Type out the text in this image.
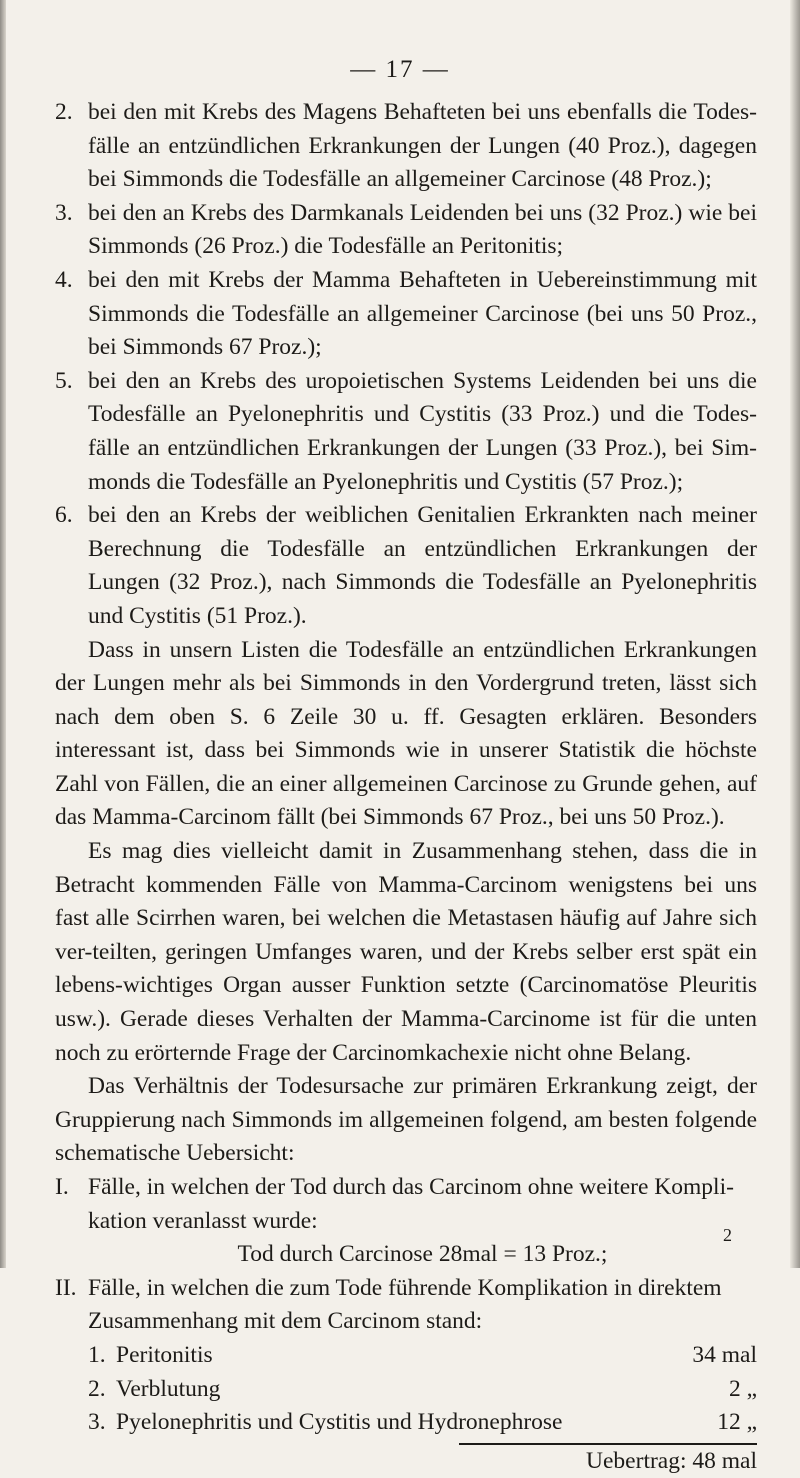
— 17 —
2. bei den mit Krebs des Magens Behafteten bei uns ebenfalls die Todes-fälle an entzündlichen Erkrankungen der Lungen (40 Proz.), dagegen bei Simmonds die Todesfälle an allgemeiner Carcinose (48 Proz.);
3. bei den an Krebs des Darmkanals Leidenden bei uns (32 Proz.) wie bei Simmonds (26 Proz.) die Todesfälle an Peritonitis;
4. bei den mit Krebs der Mamma Behafteten in Uebereinstimmung mit Simmonds die Todesfälle an allgemeiner Carcinose (bei uns 50 Proz., bei Simmonds 67 Proz.);
5. bei den an Krebs des uropoietischen Systems Leidenden bei uns die Todesfälle an Pyelonephritis und Cystitis (33 Proz.) und die Todes-fälle an entzündlichen Erkrankungen der Lungen (33 Proz.), bei Sim-monds die Todesfälle an Pyelonephritis und Cystitis (57 Proz.);
6. bei den an Krebs der weiblichen Genitalien Erkrankten nach meiner Berechnung die Todesfälle an entzündlichen Erkrankungen der Lungen (32 Proz.), nach Simmonds die Todesfälle an Pyelonephritis und Cystitis (51 Proz.).
Dass in unsern Listen die Todesfälle an entzündlichen Erkrankungen der Lungen mehr als bei Simmonds in den Vordergrund treten, lässt sich nach dem oben S. 6 Zeile 30 u. ff. Gesagten erklären. Besonders interessant ist, dass bei Simmonds wie in unserer Statistik die höchste Zahl von Fällen, die an einer allgemeinen Carcinose zu Grunde gehen, auf das Mamma-Carcinom fällt (bei Simmonds 67 Proz., bei uns 50 Proz.).
Es mag dies vielleicht damit in Zusammenhang stehen, dass die in Betracht kommenden Fälle von Mamma-Carcinom wenigstens bei uns fast alle Scirrhen waren, bei welchen die Metastasen häufig auf Jahre sich ver-teilten, geringen Umfanges waren, und der Krebs selber erst spät ein lebens-wichtiges Organ ausser Funktion setzte (Carcinomatöse Pleuritis usw.). Gerade dieses Verhalten der Mamma-Carcinome ist für die unten noch zu erörternde Frage der Carcinomkachexie nicht ohne Belang.
Das Verhältnis der Todesursache zur primären Erkrankung zeigt, der Gruppierung nach Simmonds im allgemeinen folgend, am besten folgende schematische Uebersicht:
I. Fälle, in welchen der Tod durch das Carcinom ohne weitere Kompli-kation veranlasst wurde:
Tod durch Carcinose 28mal = 13 Proz.;
II. Fälle, in welchen die zum Tode führende Komplikation in direktem Zusammenhang mit dem Carcinom stand:
1. Peritonitis	34 mal
2. Verblutung	2 „
3. Pyelonephritis und Cystitis und Hydronephrose	12 „
Uebertrag: 48 mal
2
